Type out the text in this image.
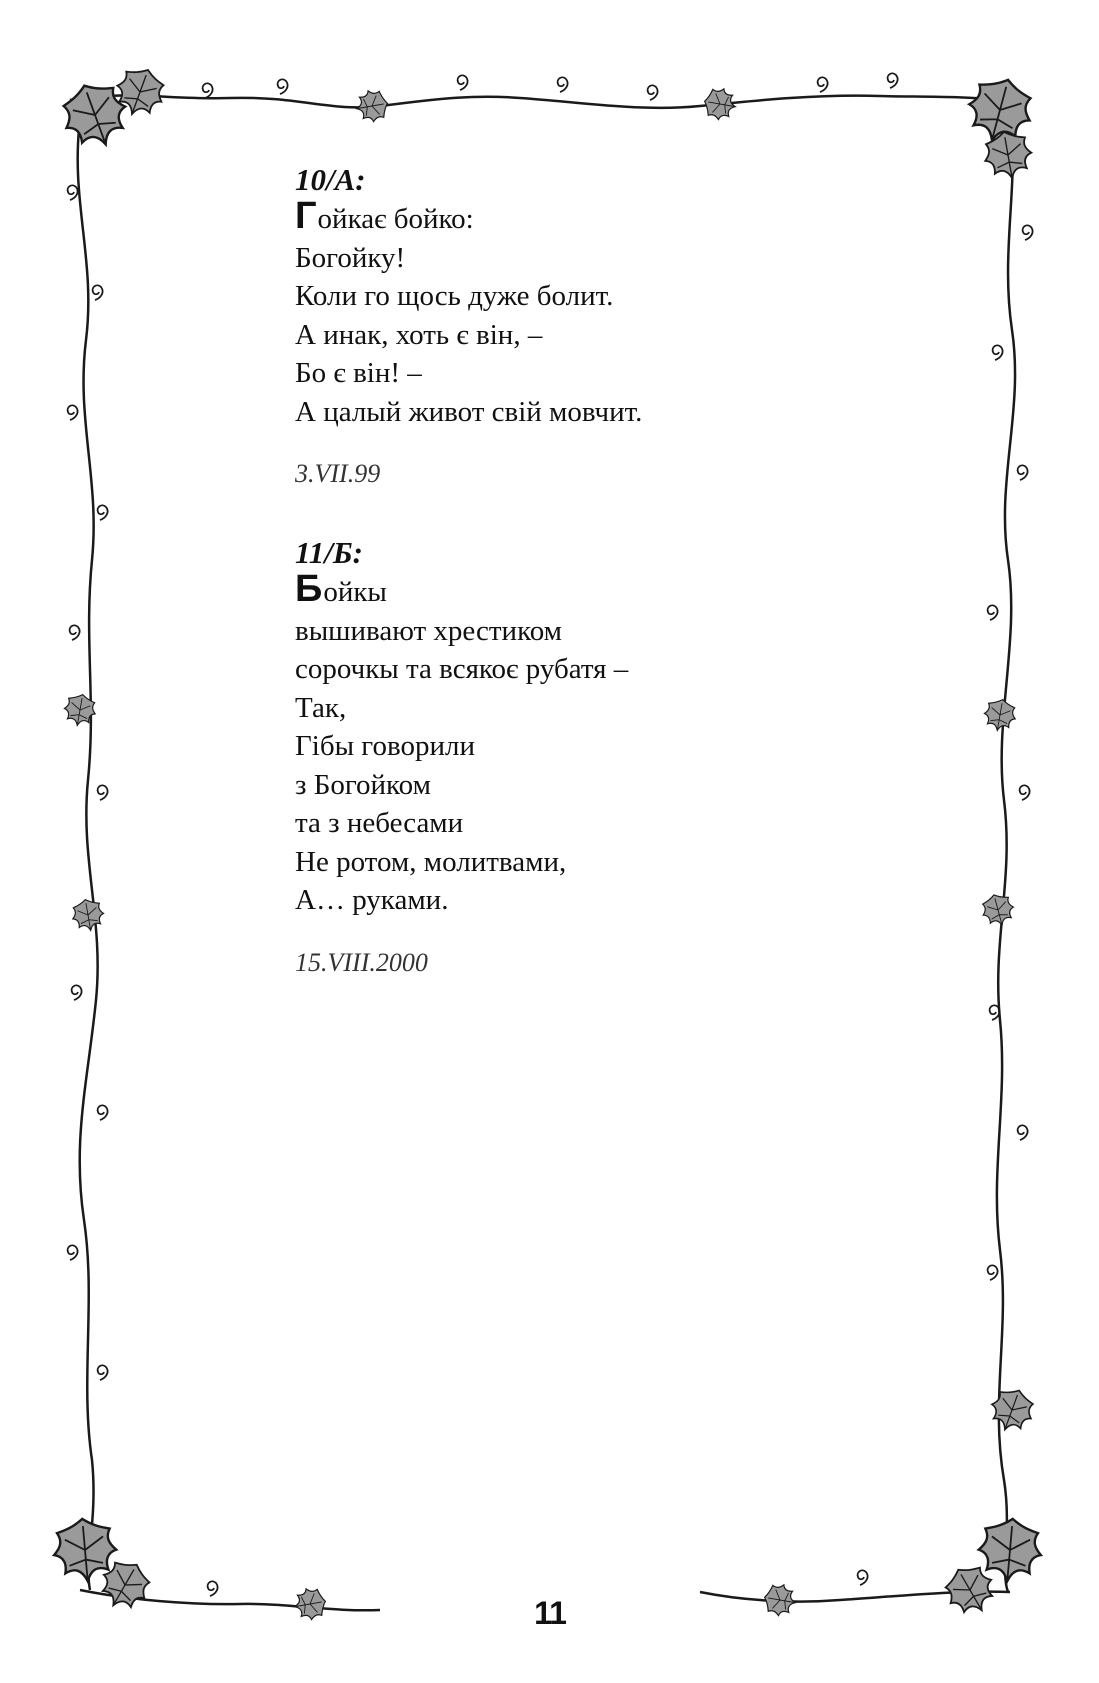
10/А:
Гойкає бойко:
Богойку!
Коли го щось дуже болит.
А инак, хоть є він, –
Бо є він! –
А цалый живот свій мовчит.
3.VII.99
11/Б:
Бойкы
вышивают хрестиком
сорочкы та всякоє рубатя –
Так,
Гібы говорили
з Богойком
та з небесами
Не ротом, молитвами,
А… руками.
15.VIII.2000
11
